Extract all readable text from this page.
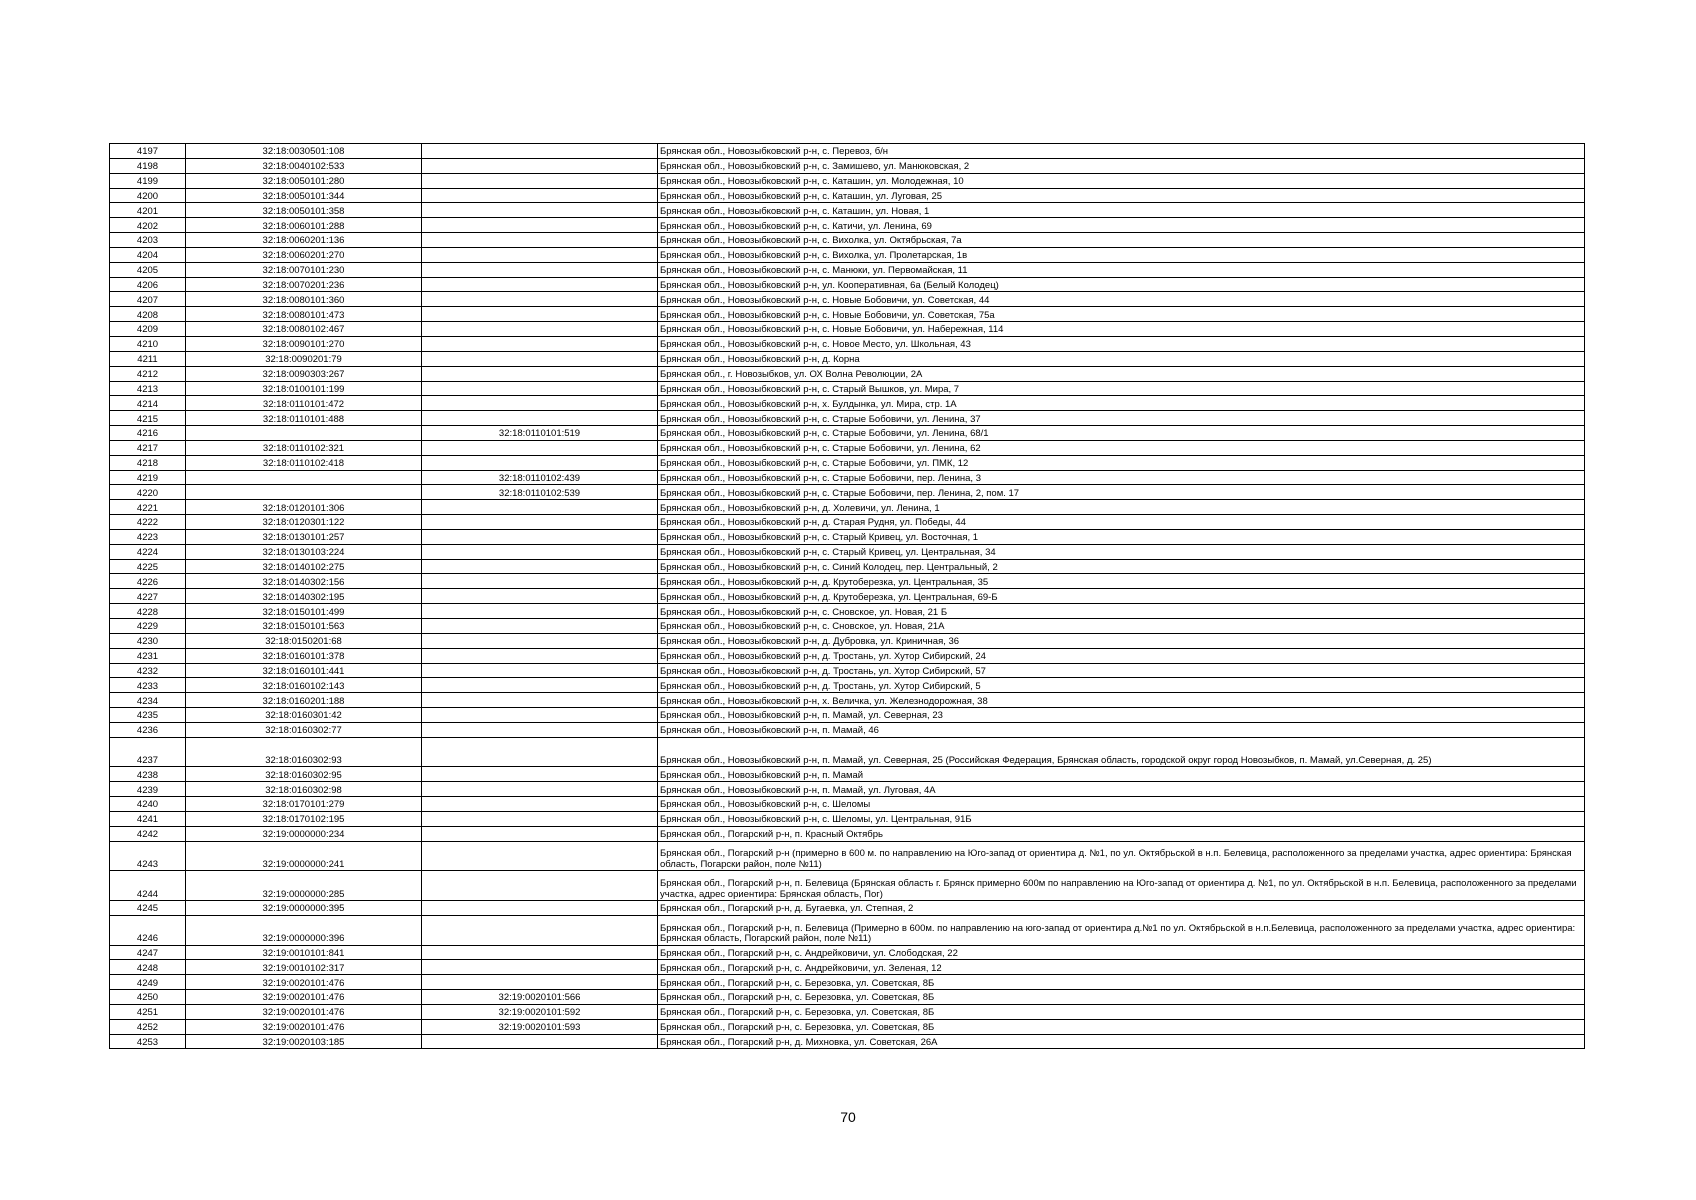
4197	32:18:0030501:108		Брянская обл., Новозыбковский р-н, с. Перевоз, б/н
4198	32:18:0040102:533		Брянская обл., Новозыбковский р-н, с. Замишево, ул. Манюковская, 2
4199	32:18:0050101:280		Брянская обл., Новозыбковский р-н, с. Каташин, ул. Молодежная, 10
4200	32:18:0050101:344		Брянская обл., Новозыбковский р-н, с. Каташин, ул. Луговая, 25
4201	32:18:0050101:358		Брянская обл., Новозыбковский р-н, с. Каташин, ул. Новая, 1
4202	32:18:0060101:288		Брянская обл., Новозыбковский р-н, с. Катичи, ул. Ленина, 69
4203	32:18:0060201:136		Брянская обл., Новозыбковский р-н, с. Вихолка, ул. Октябрьская, 7а
4204	32:18:0060201:270		Брянская обл., Новозыбковский р-н, с. Вихолка, ул. Пролетарская, 1в
4205	32:18:0070101:230		Брянская обл., Новозыбковский р-н, с. Манюки, ул. Первомайская, 11
4206	32:18:0070201:236		Брянская обл., Новозыбковский р-н, ул. Кооперативная, 6а (Белый Колодец)
4207	32:18:0080101:360		Брянская обл., Новозыбковский р-н, с. Новые Бобовичи, ул. Советская, 44
4208	32:18:0080101:473		Брянская обл., Новозыбковский р-н, с. Новые Бобовичи, ул. Советская, 75а
4209	32:18:0080102:467		Брянская обл., Новозыбковский р-н, с. Новые Бобовичи, ул. Набережная, 114
4210	32:18:0090101:270		Брянская обл., Новозыбковский р-н, с. Новое Место, ул. Школьная, 43
4211	32:18:0090201:79		Брянская обл., Новозыбковский р-н, д. Корна
4212	32:18:0090303:267		Брянская обл., г. Новозыбков, ул. ОХ Волна Революции, 2А
4213	32:18:0100101:199		Брянская обл., Новозыбковский р-н, с. Старый Вышков, ул. Мира, 7
4214	32:18:0110101:472		Брянская обл., Новозыбковский р-н, х. Булдынка, ул. Мира, стр. 1А
4215	32:18:0110101:488		Брянская обл., Новозыбковский р-н, с. Старые Бобовичи, ул. Ленина, 37
4216		32:18:0110101:519	Брянская обл., Новозыбковский р-н, с. Старые Бобовичи, ул. Ленина, 68/1
4217	32:18:0110102:321		Брянская обл., Новозыбковский р-н, с. Старые Бобовичи, ул. Ленина, 62
4218	32:18:0110102:418		Брянская обл., Новозыбковский р-н, с. Старые Бобовичи, ул. ПМК, 12
4219		32:18:0110102:439	Брянская обл., Новозыбковский р-н, с. Старые Бобовичи, пер. Ленина, 3
4220		32:18:0110102:539	Брянская обл., Новозыбковский р-н, с. Старые Бобовичи, пер. Ленина, 2, пом. 17
4221	32:18:0120101:306		Брянская обл., Новозыбковский р-н, д. Холевичи, ул. Ленина, 1
4222	32:18:0120301:122		Брянская обл., Новозыбковский р-н, д. Старая Рудня, ул. Победы, 44
4223	32:18:0130101:257		Брянская обл., Новозыбковский р-н, с. Старый Кривец, ул. Восточная, 1
4224	32:18:0130103:224		Брянская обл., Новозыбковский р-н, с. Старый Кривец, ул. Центральная, 34
4225	32:18:0140102:275		Брянская обл., Новозыбковский р-н, с. Синий Колодец, пер. Центральный, 2
4226	32:18:0140302:156		Брянская обл., Новозыбковский р-н, д. Крутоберезка, ул. Центральная, 35
4227	32:18:0140302:195		Брянская обл., Новозыбковский р-н, д. Крутоберезка, ул. Центральная, 69-Б
4228	32:18:0150101:499		Брянская обл., Новозыбковский р-н, с. Сновское, ул. Новая, 21 Б
4229	32:18:0150101:563		Брянская обл., Новозыбковский р-н, с. Сновское, ул. Новая, 21А
4230	32:18:0150201:68		Брянская обл., Новозыбковский р-н, д. Дубровка, ул. Криничная, 36
4231	32:18:0160101:378		Брянская обл., Новозыбковский р-н, д. Тростань, ул. Хутор Сибирский, 24
4232	32:18:0160101:441		Брянская обл., Новозыбковский р-н, д. Тростань, ул. Хутор Сибирский, 57
4233	32:18:0160102:143		Брянская обл., Новозыбковский р-н, д. Тростань, ул. Хутор Сибирский, 5
4234	32:18:0160201:188		Брянская обл., Новозыбковский р-н, х. Величка, ул. Железнодорожная, 38
4235	32:18:0160301:42		Брянская обл., Новозыбковский р-н, п. Мамай, ул. Северная, 23
4236	32:18:0160302:77		Брянская обл., Новозыбковский р-н, п. Мамай, 46
4237	32:18:0160302:93		Брянская обл., Новозыбковский р-н, п. Мамай, ул. Северная, 25 (Российская Федерация, Брянская область, городской округ город Новозыбков, п. Мамай, ул.Северная, д. 25)
4238	32:18:0160302:95		Брянская обл., Новозыбковский р-н, п. Мамай
4239	32:18:0160302:98		Брянская обл., Новозыбковский р-н, п. Мамай, ул. Луговая, 4А
4240	32:18:0170101:279		Брянская обл., Новозыбковский р-н, с. Шеломы
4241	32:18:0170102:195		Брянская обл., Новозыбковский р-н, с. Шеломы, ул. Центральная, 91Б
4242	32:19:0000000:234		Брянская обл., Погарский р-н, п. Красный Октябрь
4243	32:19:0000000:241		Брянская обл., Погарский р-н (примерно в 600 м. по направлению на Юго-запад от ориентира д. №1, по ул. Октябрьской в н.п. Белевица, расположенного за пределами участка, адрес ориентира: Брянская область, Погарски район, поле №11)
4244	32:19:0000000:285		Брянская обл., Погарский р-н, п. Белевица (Брянская область г. Брянск примерно 600м по направлению на Юго-запад от ориентира д. №1, по ул. Октябрьской в н.п. Белевица, расположенного за пределами участка, адрес ориентира: Брянская область, Пог)
4245	32:19:0000000:395		Брянская обл., Погарский р-н, д. Бугаевка, ул. Степная, 2
4246	32:19:0000000:396		Брянская обл., Погарский р-н, п. Белевица (Примерно в 600м. по направлению на юго-запад от ориентира д.№1 по ул. Октябрьской в н.п.Белевица, расположенного за пределами участка, адрес ориентира: Брянская область, Погарский район, поле №11)
4247	32:19:0010101:841		Брянская обл., Погарский р-н, с. Андрейковичи, ул. Слободская, 22
4248	32:19:0010102:317		Брянская обл., Погарский р-н, с. Андрейковичи, ул. Зеленая, 12
4249	32:19:0020101:476		Брянская обл., Погарский р-н, с. Березовка, ул. Советская, 8Б
4250	32:19:0020101:476	32:19:0020101:566	Брянская обл., Погарский р-н, с. Березовка, ул. Советская, 8Б
4251	32:19:0020101:476	32:19:0020101:592	Брянская обл., Погарский р-н, с. Березовка, ул. Советская, 8Б
4252	32:19:0020101:476	32:19:0020101:593	Брянская обл., Погарский р-н, с. Березовка, ул. Советская, 8Б
4253	32:19:0020103:185		Брянская обл., Погарский р-н, д. Михновка, ул. Советская, 26А
70
